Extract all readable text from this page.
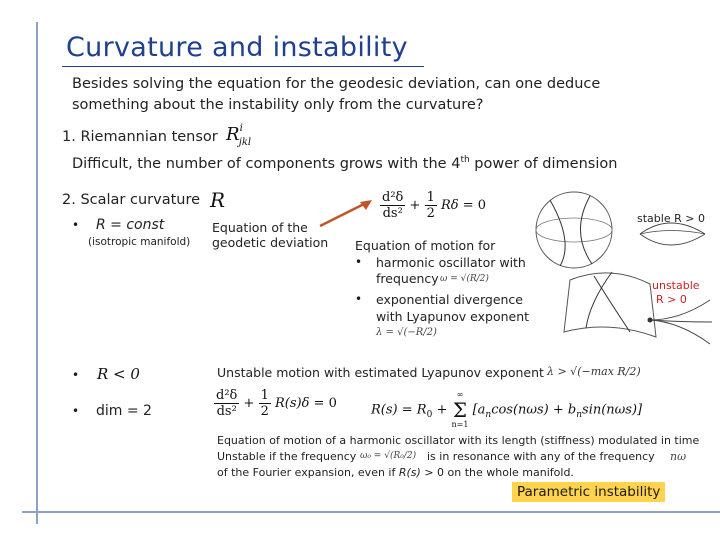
Curvature and instability
Besides solving the equation for the geodesic deviation, can one deduce
something about the instability only from the curvature?
1. Riemannian tensor $R^i_{jkl}$
Difficult, the number of components grows with the 4th power of dimension
2. Scalar curvature R
• R = const
(isotropic manifold)
Equation of the
geodetic deviation
$\frac{\text{d²δ}}{\text{ds²}} + \frac{1}{2}$ Rδ = 0
Equation of motion for
• harmonic oscillator with
frequency ω = √(R/2)
• exponential divergence
with Lyapunov exponent
λ = √(−R/2)
stable R > 0
unstable
R > 0
• R < 0	Unstable motion with estimated Lyapunov exponent λ > √(−max R/2)
• dim = 2	$\frac{\text{d²δ}}{\text{ds²}} + \frac{1}{2} R(s)\delta = 0$	$R(s) = R_0$ +
∞
Σ
n=1
$[a_n\cos(n\omega s) + b_n\sin(n\omega s)]$
Equation of motion of a harmonic oscillator with its length (stiffness) modulated in time
Unstable if the frequency ω₀ = √(R₀/2) is in resonance with any of the frequency nω
of the Fourier expansion, even if R(s) > 0 on the whole manifold.
Parametric instability
